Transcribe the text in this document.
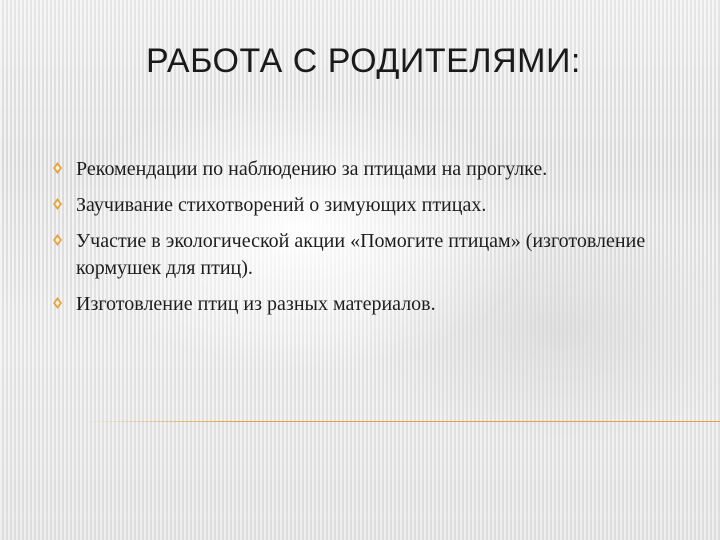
РАБОТА С РОДИТЕЛЯМИ:
Рекомендации по наблюдению за птицами на прогулке.
Заучивание стихотворений о зимующих птицах.
Участие в экологической акции «Помогите птицам» (изготовление кормушек для птиц).
Изготовление птиц из разных материалов.
